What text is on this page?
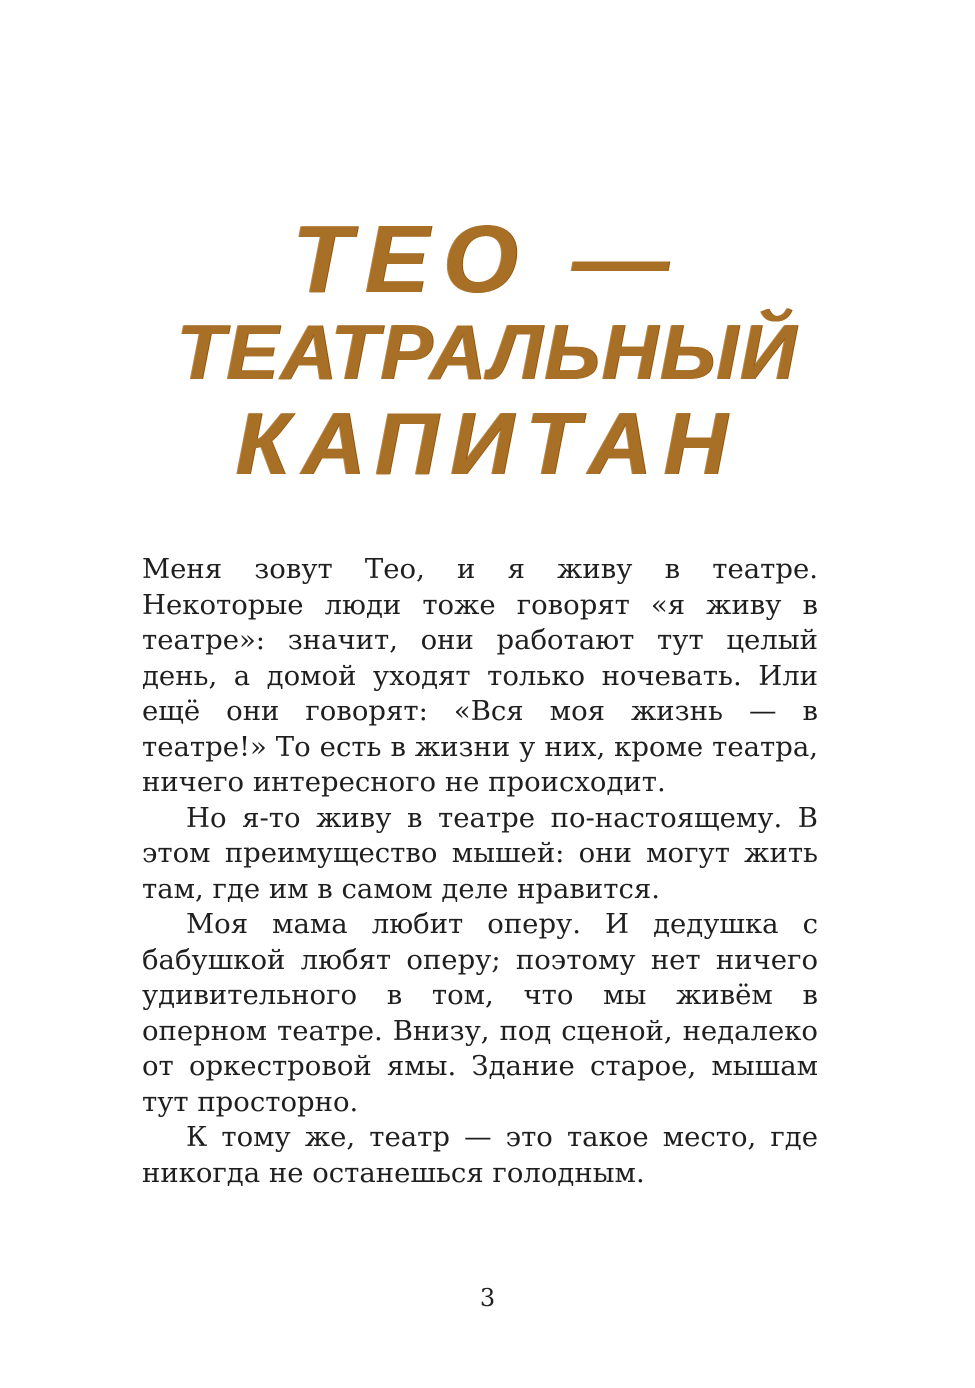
ТЕО —
ТЕАТРАЛЬНЫЙ
КАПИТАН

Меня зовут Тео, и я живу в театре. Некоторые люди тоже говорят «я живу в театре»: значит, они работают тут целый день, а домой уходят только ночевать. Или ещё они говорят: «Вся моя жизнь — в театре!» То есть в жизни у них, кроме театра, ничего интересного не происходит.

Но я-то живу в театре по-настоящему. В этом преимущество мышей: они могут жить там, где им в самом деле нравится.

Моя мама любит оперу. И дедушка с бабушкой любят оперу; поэтому нет ничего удивительного в том, что мы живём в оперном театре. Внизу, под сценой, недалеко от оркестровой ямы. Здание старое, мышам тут просторно.

К тому же, театр — это такое место, где никогда не останешься голодным.

3
